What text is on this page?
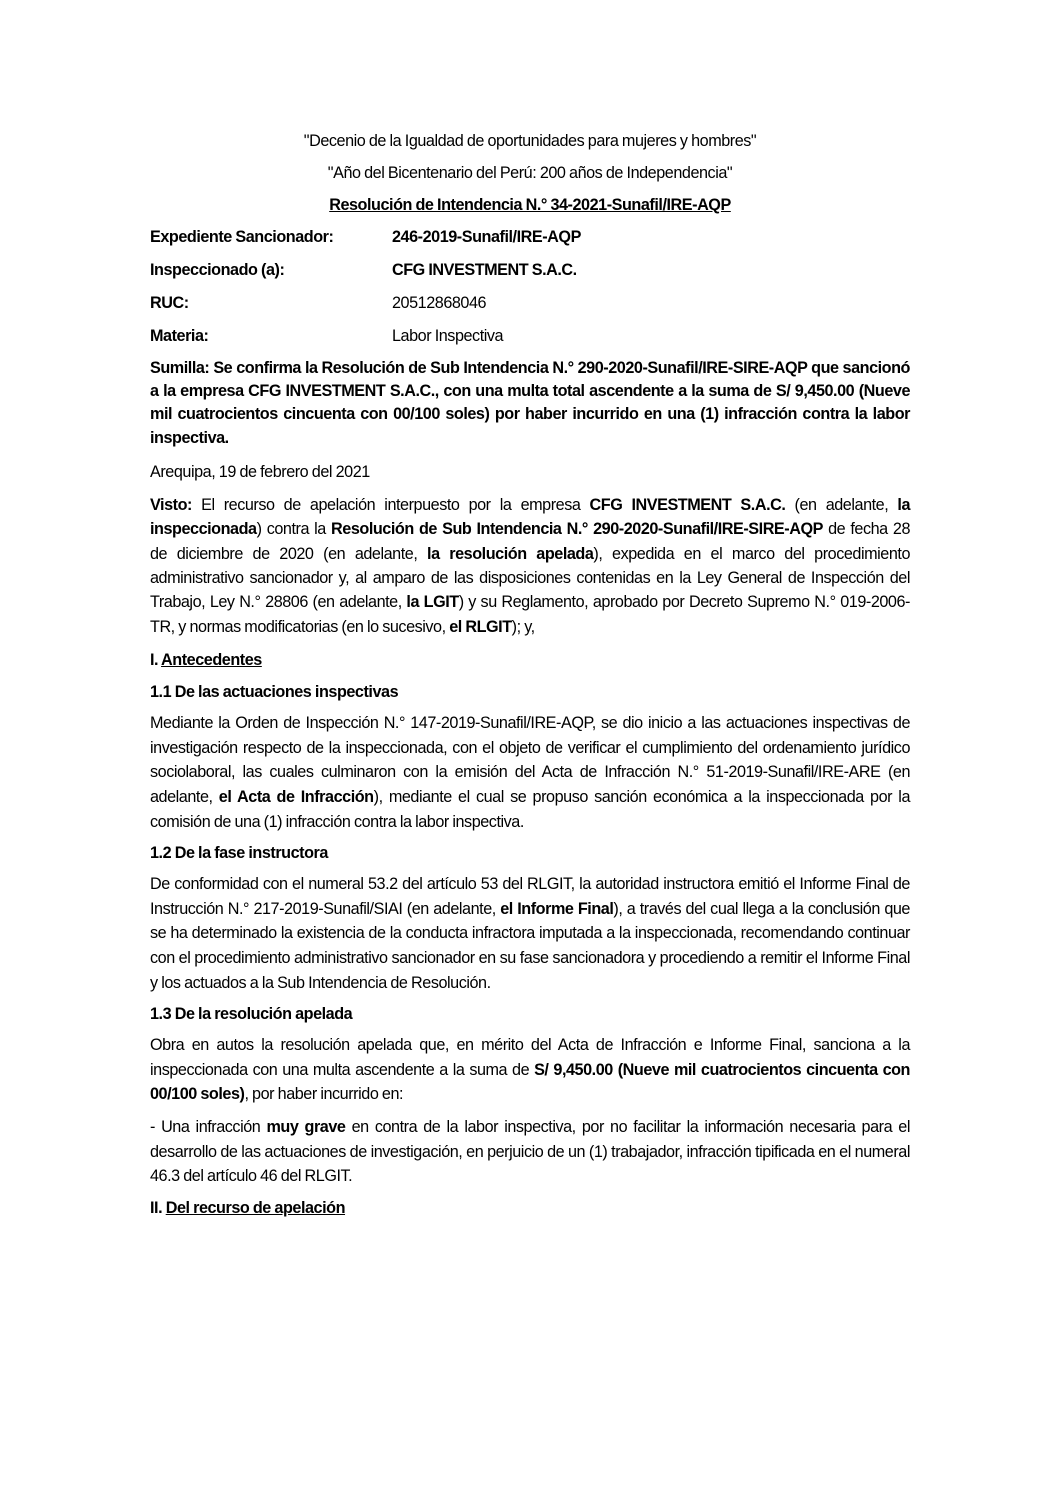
"Decenio de la Igualdad de oportunidades para mujeres y hombres"

"Año del Bicentenario del Perú: 200 años de Independencia"

Resolución de Intendencia N.° 34-2021-Sunafil/IRE-AQP

Expediente Sancionador:	246-2019-Sunafil/IRE-AQP
Inspeccionado (a):	CFG INVESTMENT S.A.C.
RUC:	20512868046
Materia:	Labor Inspectiva

Sumilla: Se confirma la Resolución de Sub Intendencia N.° 290-2020-Sunafil/IRE-SIRE-AQP que sancionó a la empresa CFG INVESTMENT S.A.C., con una multa total ascendente a la suma de S/ 9,450.00 (Nueve mil cuatrocientos cincuenta con 00/100 soles) por haber incurrido en una (1) infracción contra la labor inspectiva.

Arequipa, 19 de febrero del 2021

Visto: El recurso de apelación interpuesto por la empresa CFG INVESTMENT S.A.C. (en adelante, la inspeccionada) contra la Resolución de Sub Intendencia N.° 290-2020-Sunafil/IRE-SIRE-AQP de fecha 28 de diciembre de 2020 (en adelante, la resolución apelada), expedida en el marco del procedimiento administrativo sancionador y, al amparo de las disposiciones contenidas en la Ley General de Inspección del Trabajo, Ley N.° 28806 (en adelante, la LGIT) y su Reglamento, aprobado por Decreto Supremo N.° 019-2006-TR, y normas modificatorias (en lo sucesivo, el RLGIT); y,

I. Antecedentes

1.1 De las actuaciones inspectivas

Mediante la Orden de Inspección N.° 147-2019-Sunafil/IRE-AQP, se dio inicio a las actuaciones inspectivas de investigación respecto de la inspeccionada, con el objeto de verificar el cumplimiento del ordenamiento jurídico sociolaboral, las cuales culminaron con la emisión del Acta de Infracción N.° 51-2019-Sunafil/IRE-ARE (en adelante, el Acta de Infracción), mediante el cual se propuso sanción económica a la inspeccionada por la comisión de una (1) infracción contra la labor inspectiva.

1.2 De la fase instructora

De conformidad con el numeral 53.2 del artículo 53 del RLGIT, la autoridad instructora emitió el Informe Final de Instrucción N.° 217-2019-Sunafil/SIAI (en adelante, el Informe Final), a través del cual llega a la conclusión que se ha determinado la existencia de la conducta infractora imputada a la inspeccionada, recomendando continuar con el procedimiento administrativo sancionador en su fase sancionadora y procediendo a remitir el Informe Final y los actuados a la Sub Intendencia de Resolución.

1.3 De la resolución apelada

Obra en autos la resolución apelada que, en mérito del Acta de Infracción e Informe Final, sanciona a la inspeccionada con una multa ascendente a la suma de S/ 9,450.00 (Nueve mil cuatrocientos cincuenta con 00/100 soles), por haber incurrido en:

- Una infracción muy grave en contra de la labor inspectiva, por no facilitar la información necesaria para el desarrollo de las actuaciones de investigación, en perjuicio de un (1) trabajador, infracción tipificada en el numeral 46.3 del artículo 46 del RLGIT.

II. Del recurso de apelación
